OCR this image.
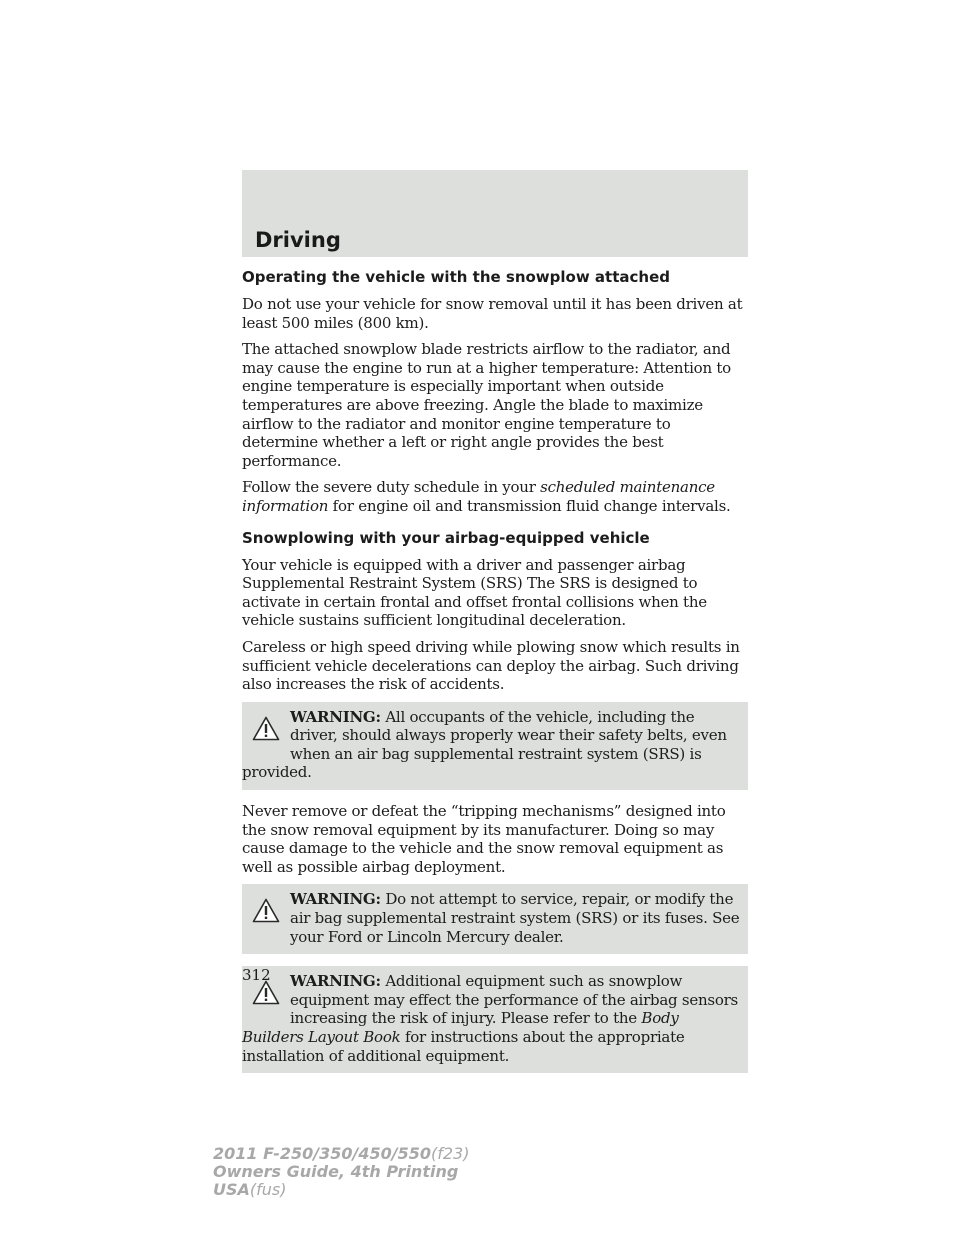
Driving
Operating the vehicle with the snowplow attached

Do not use your vehicle for snow removal until it has been driven at least 500 miles (800 km).

The attached snowplow blade restricts airflow to the radiator, and may cause the engine to run at a higher temperature: Attention to engine temperature is especially important when outside temperatures are above freezing. Angle the blade to maximize airflow to the radiator and monitor engine temperature to determine whether a left or right angle provides the best performance.

Follow the severe duty schedule in your scheduled maintenance information for engine oil and transmission fluid change intervals.

Snowplowing with your airbag-equipped vehicle

Your vehicle is equipped with a driver and passenger airbag Supplemental Restraint System (SRS) The SRS is designed to activate in certain frontal and offset frontal collisions when the vehicle sustains sufficient longitudinal deceleration.

Careless or high speed driving while plowing snow which results in sufficient vehicle decelerations can deploy the airbag. Such driving also increases the risk of accidents.

WARNING: All occupants of the vehicle, including the driver, should always properly wear their safety belts, even when an air bag supplemental restraint system (SRS) is provided.

Never remove or defeat the “tripping mechanisms” designed into the snow removal equipment by its manufacturer. Doing so may cause damage to the vehicle and the snow removal equipment as well as possible airbag deployment.

WARNING: Do not attempt to service, repair, or modify the air bag supplemental restraint system (SRS) or its fuses. See your Ford or Lincoln Mercury dealer.
WARNING: Additional equipment such as snowplow equipment may effect the performance of the airbag sensors increasing the risk of injury. Please refer to the Body Builders Layout Book for instructions about the appropriate installation of additional equipment.

312

2011 F-250/350/450/550(f23)
Owners Guide, 4th Printing
USA(fus)
